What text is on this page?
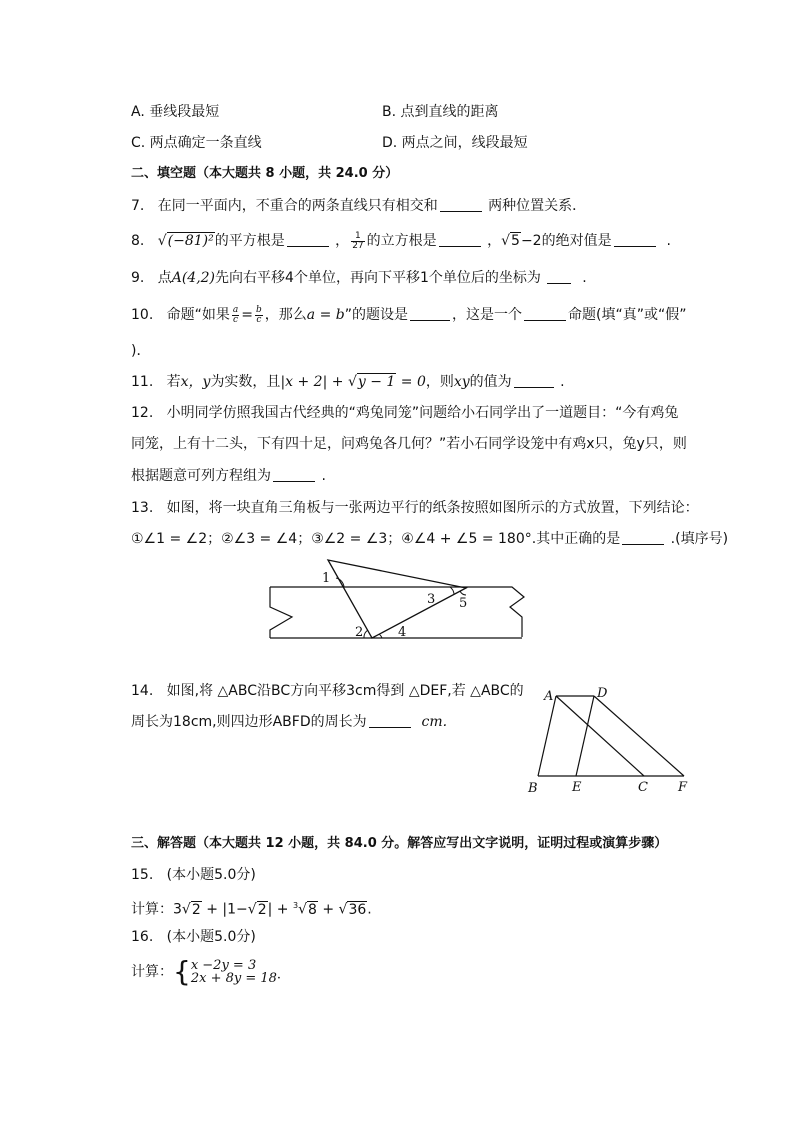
A. 垂线段最短	B. 点到直线的距离
C. 两点确定一条直线	D. 两点之间，线段最短
二、填空题（本大题共 8 小题，共 24.0 分）
7. 在同一平面内，不重合的两条直线只有相交和	两种位置关系．
8. √(−81)²的平方根是	， $\frac{1}{27}$ 的立方根是	，√5−2的绝对值是	.
9. 点A(4,2)先向右平移4个单位，再向下平移1个单位后的坐标为	.
10. 命题“如果 $\frac{a}{c} = \frac{b}{c}$ ，那么a = b”的题设是	，这是一个	命题(填“真”或“假”
)．
11. 若x，y为实数，且|x + 2| + √y − 1 = 0，则xy的值为	.
12. 小明同学仿照我国古代经典的“鸡兔同笼”问题给小石同学出了一道题目：“今有鸡兔
同笼，上有十二头，下有四十足，问鸡兔各几何？”若小石同学设笼中有鸡x只，兔y只，则
根据题意可列方程组为	.
13. 如图，将一块直角三角板与一张两边平行的纸条按照如图所示的方式放置，下列结论：
①∠1 = ∠2；②∠3 = ∠4；③∠2 = ∠3；④∠4 + ∠5 = 180°.其中正确的是	.(填序号)
1
2
3
4
5
14. 如图,将 △ABC沿BC方向平移3cm得到 △DEF,若 △ABC的
周长为18cm,则四边形ABFD的周长为	cm.
A	D
B	E	C F
三、解答题（本大题共 12 小题，共 84.0 分。解答应写出文字说明，证明过程或演算步骤）
15. (本小题5.0分)
计算：3√2 + |1−√2| + $^3$√8 + √36.
16. (本小题5.0分)
计算：{ x −2y = 3
2x + 8y = 18·
